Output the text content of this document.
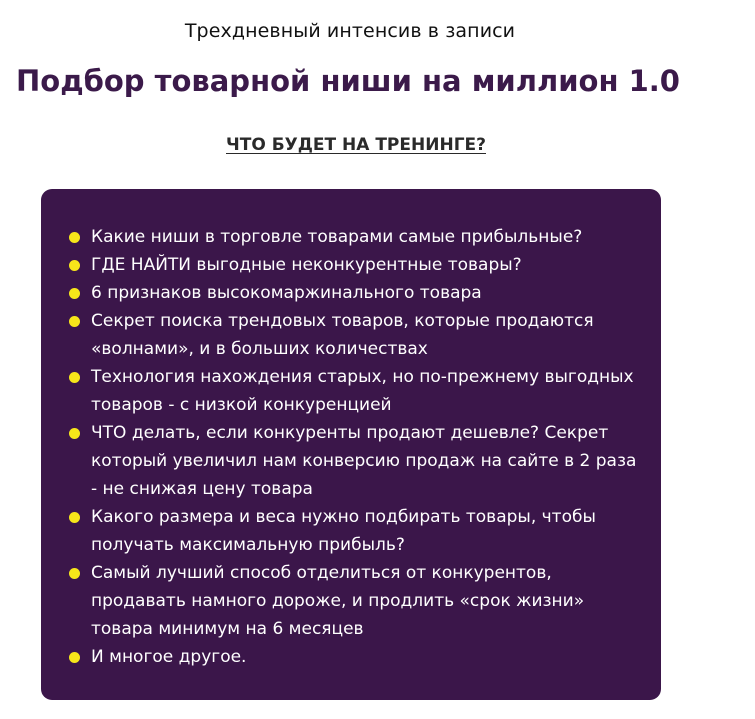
Трехдневный интенсив в записи
Подбор товарной ниши на миллион 1.0
ЧТО БУДЕТ НА ТРЕНИНГЕ?
Какие ниши в торговле товарами самые прибыльные?
ГДЕ НАЙТИ выгодные неконкурентные товары?
6 признаков высокомаржинального товара
Секрет поиска трендовых товаров, которые продаются «волнами», и в больших количествах
Технология нахождения старых, но по-прежнему выгодных товаров - с низкой конкуренцией
ЧТО делать, если конкуренты продают дешевле? Секрет который увеличил нам конверсию продаж на сайте в 2 раза - не снижая цену товара
Какого размера и веса нужно подбирать товары, чтобы получать максимальную прибыль?
Самый лучший способ отделиться от конкурентов, продавать намного дороже, и продлить «срок жизни» товара минимум на 6 месяцев
И многое другое.
